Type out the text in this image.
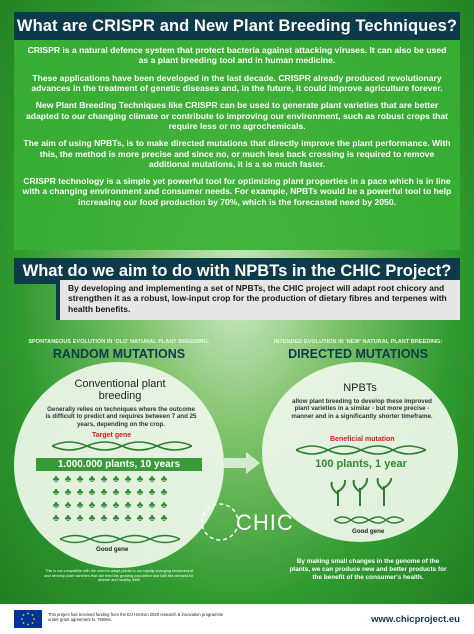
What are CRISPR and New Plant Breeding Techniques?

CRISPR is a natural defence system that protect bacteria against attacking viruses. It can also be used as a plant breeding tool and in human medicine.

These applications have been developed in the last decade. CRISPR already produced revolutionary advances in the treatment of genetic diseases and, in the future, it could improve agriculture forever.

New Plant Breeding Techniques like CRISPR can be used to generate plant varieties that are better adapted to our changing climate or contribute to improving our environment, such as robust crops that require less or no agrochemicals.

The aim of using NPBTs, is to make directed mutations that directly improve the plant performance. With this, the method is more precise and since no, or much less back crossing is required to remove additional mutations, it is a so much faster.

CRISPR technology is a simple yet powerful tool for optimizing plant properties in a pace which is in line with a changing environment and consumer needs. For example, NPBTs would be a powerful tool to help increasing our food production by 70%, which is the forecasted need by 2050.

What do we aim to do with NPBTs in the CHIC Project?
By developing and implementing a set of NPBTs, the CHIC project will adapt root chicory and strengthen it as a robust, low-input crop for the production of dietary fibres and terpenes with health benefits.
SPONTANEOUS EVOLUTION IN 'OLD' NATURAL PLANT BREEDING:
RANDOM MUTATIONS
Conventional plant breeding
Generally relies on techniques where the outcome is difficult to predict and requires between 7 and 25 years, depending on the crop.
Target gene
1.000.000 plants, 10 years
♣ ♣ ♣ ♣ ♣ ♣ ♣ ♣ ♣ ♣
♣ ♣ ♣ ♣ ♣ ♣ ♣ ♣ ♣ ♣
♣ ♣ ♣ ♣ ♣ ♣ ♣ ♣ ♣ ♣
♣ ♣ ♣ ♣ ♣ ♣ ♣ ♣ ♣ ♣
Good gene
This is not compatible with the need to adapt plants to our rapidly changing environment and develop plant varieties that can feed the growing population and fulfil the demand for diverse and healthy diets
INTENDED EVOLUTION IN 'NEW' NATURAL PLANT BREEDING:
DIRECTED MUTATIONS
NPBTs
allow plant breeding to develop these improved plant varieties in a similar - but more precise - manner and in a significantly shorter timeframe.
Beneficial mutation
100 plants, 1 year
Good gene
By making small changes in the genome of the plants, we can produce new and better products for the benefit of the consumer's health.
CHIC
This project has received funding from the EU Horizon 2020 research & innovation programme under grant agreement N. 760891.	www.chicproject.eu
